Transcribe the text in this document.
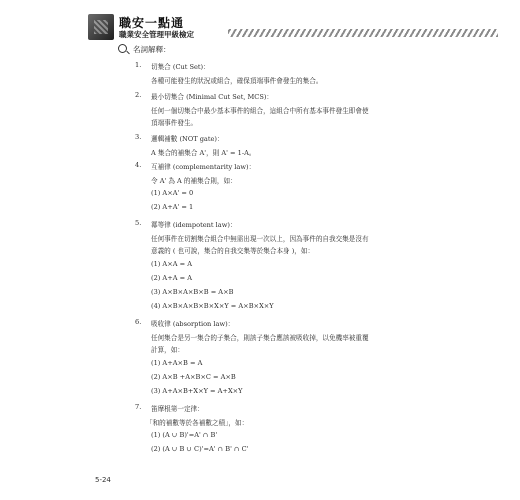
職安一點通
職業安全管理甲級檢定
名詞解釋：
1. 切集合 (Cut Set)：
各種可能發生的狀況或組合，確保頂端事件會發生的集合。
2. 最小切集合 (Minimal Cut Set, MCS)：
任何一個切集合中最少基本事件的組合，這組合中所有基本事件發生即會使
頂端事件發生。
3. 邏輯補數 (NOT gate)：
A 集合的補集合 A'，則 A' = 1-A。
4. 互補律 (complementarity law)：
令 A' 為 A 的補集合則，如：
(1) A×A' = 0
(2) A+A' = 1
5. 冪等律 (idempotent law)：
任何事件在切割集合組合中無需出現一次以上，因為事件的自我交集是沒有
意義的 ( 也可說，集合的自我交集等於集合本身 )，如：
(1) A×A = A
(2) A+A = A
(3) A×B×A×B×B = A×B
(4) A×B×A×B×B×X×Y = A×B×X×Y
6. 吸收律 (absorption law)：
任何集合是另一集合的子集合，則該子集合應該被吸收掉，以免機率被重覆
計算，如：
(1) A+A×B = A
(2) A×B +A×B×C = A×B
(3) A+A×B+X×Y = A+X×Y
7. 笛摩根第一定律：
「和的補數等於各補數之積」，如：
(1) (A ∪ B)'=A' ∩ B'
(2) (A ∪ B ∪ C)'=A' ∩ B' ∩ C'
5-24
